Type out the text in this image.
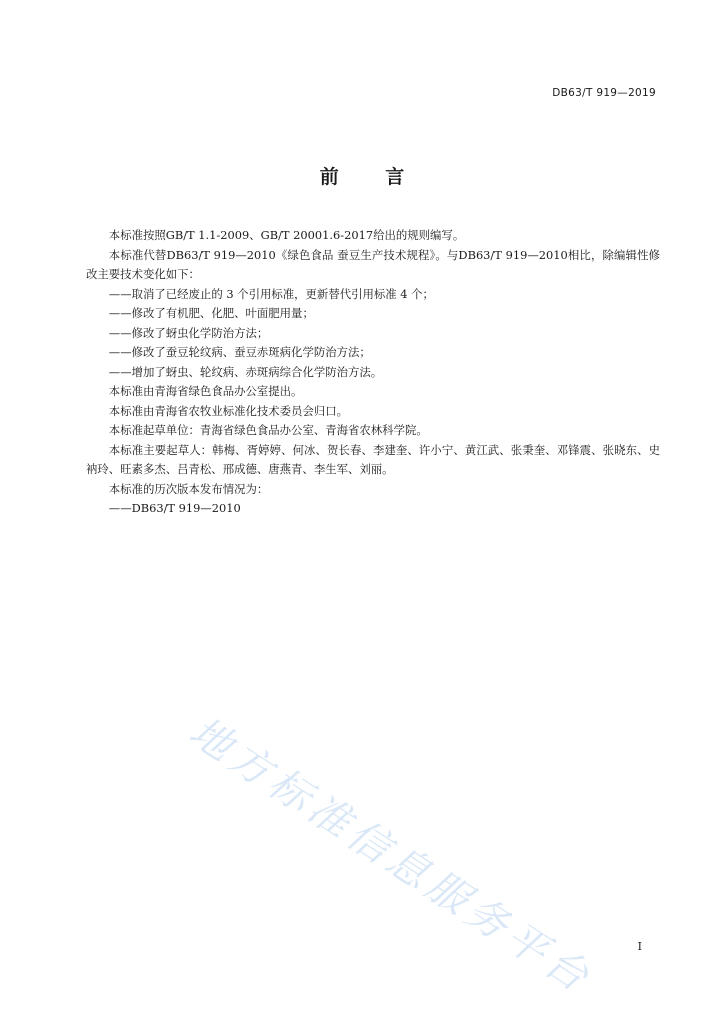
DB63/T 919—2019
前 言

本标准按照GB/T 1.1-2009、GB/T 20001.6-2017给出的规则编写。

本标准代替DB63/T 919—2010《绿色食品 蚕豆生产技术规程》。与DB63/T 919—2010相比，除编辑性修改主要技术变化如下：

——取消了已经废止的 3 个引用标准，更新替代引用标准 4 个；

——修改了有机肥、化肥、叶面肥用量；

——修改了蚜虫化学防治方法；

——修改了蚕豆轮纹病、蚕豆赤斑病化学防治方法；

——增加了蚜虫、轮纹病、赤斑病综合化学防治方法。

本标准由青海省绿色食品办公室提出。

本标准由青海省农牧业标准化技术委员会归口。

本标准起草单位：青海省绿色食品办公室、青海省农林科学院。

本标准主要起草人：韩梅、胥婷婷、何冰、贺长春、李建奎、许小宁、黄江武、张秉奎、邓锋震、张晓东、史衲玲、旺素多杰、吕青松、邢成德、唐燕青、李生军、刘丽。

本标准的历次版本发布情况为：

——DB63/T 919—2010

地方标准信息服务平台	I
